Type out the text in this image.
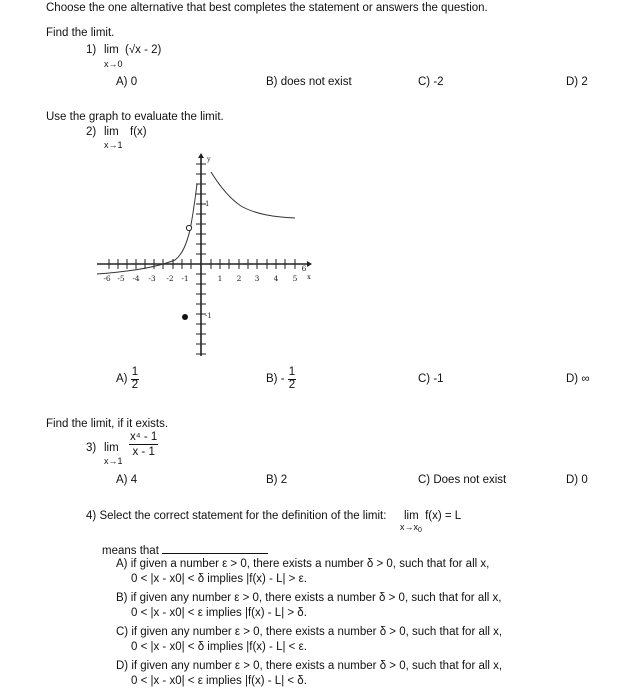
Choose the one alternative that best completes the statement or answers the question.
Find the limit.
1) lim (√x - 2)
x→0
A) 0	B) does not exist	C) -2	D) 2
Use the graph to evaluate the limit.
2) lim f(x)
x→1
-6 -5 -4 -3 -2 -1	1 2 3 4 5
6
x
y
1
-1
$A) \frac{1}{2}$	$B) - \frac{1}{2}$	C) -1	D) ∞
Find the limit, if it exists.
3) $\lim \frac{\text{x⁴ - 1}}{x - 1}$
x→1
A) 4	B) 2	C) Does not exist	D) 0
4) Select the correct statement for the definition of the limit: lim f(x) = L
$x\to x_0$
means that
A) if given a number ε > 0, there exists a number δ > 0, such that for all x,
0 < |x - x0| < δ implies |f(x) - L| > ε.
B) if given any number ε > 0, there exists a number δ > 0, such that for all x,
0 < |x - x0| < ε implies |f(x) - L| > δ.
C) if given any number ε > 0, there exists a number δ > 0, such that for all x,
0 < |x - x0| < δ implies |f(x) - L| < ε.
D) if given any number ε > 0, there exists a number δ > 0, such that for all x,
0 < |x - x0| < ε implies |f(x) - L| < δ.
